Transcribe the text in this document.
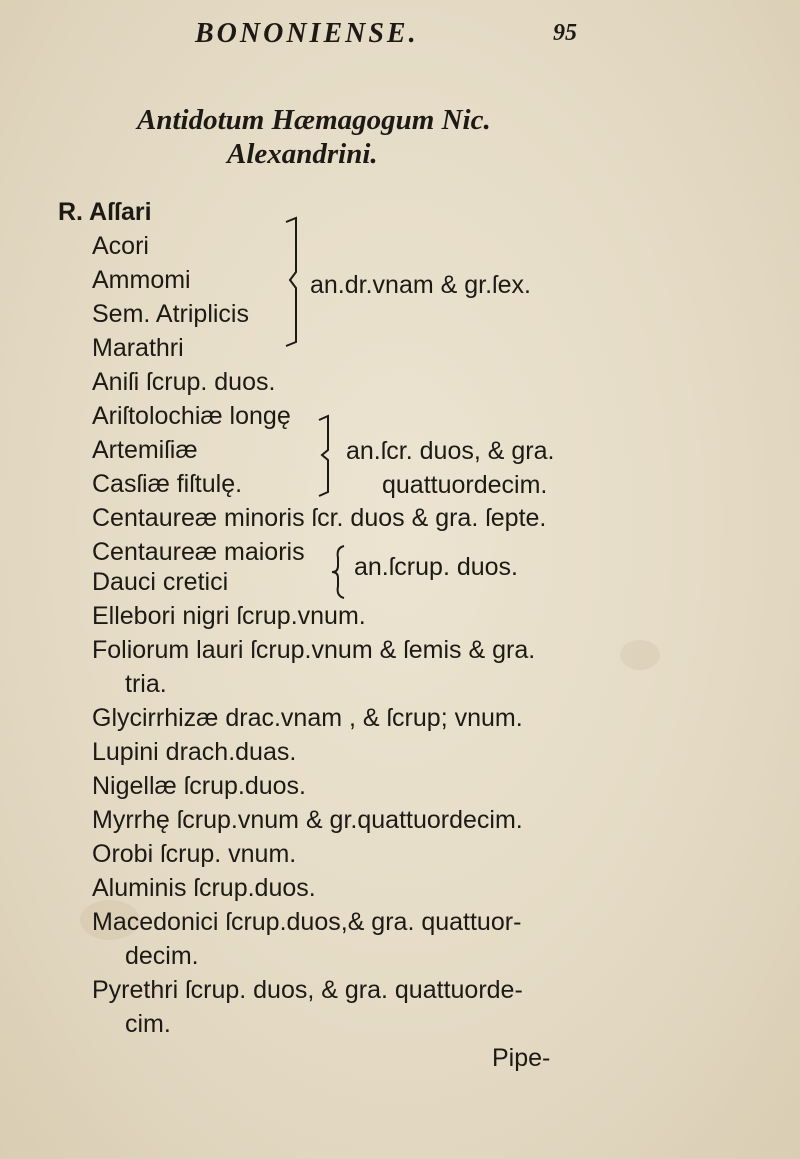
BONONIENSE.	95
Antidotum Hæmagogum Nic.
Alexandrini.
R. Aſſari
Acori
Ammomi
Sem. Atriplicis
Marathri
an.dr.vnam & gr.ſex.
Aniſi ſcrup. duos.
Ariſtolochiæ longę
Artemiſiæ
Casſiæ fiſtulę.
an.ſcr. duos, & gra.
quattuordecim.
Centaureæ minoris ſcr. duos & gra. ſepte.
Centaureæ maioris
Dauci cretici
an.ſcrup. duos.
Ellebori nigri ſcrup.vnum.
Foliorum lauri ſcrup.vnum & ſemis & gra.
tria.
Glycirrhizæ drac.vnam , & ſcrup; vnum.
Lupini drach.duas.
Nigellæ ſcrup.duos.
Myrrhę ſcrup.vnum & gr.quattuordecim.
Orobi ſcrup. vnum.
Aluminis ſcrup.duos.
Macedonici ſcrup.duos,& gra. quattuor-
decim.
Pyrethri ſcrup. duos, & gra. quattuorde-
cim.
Pipe-
